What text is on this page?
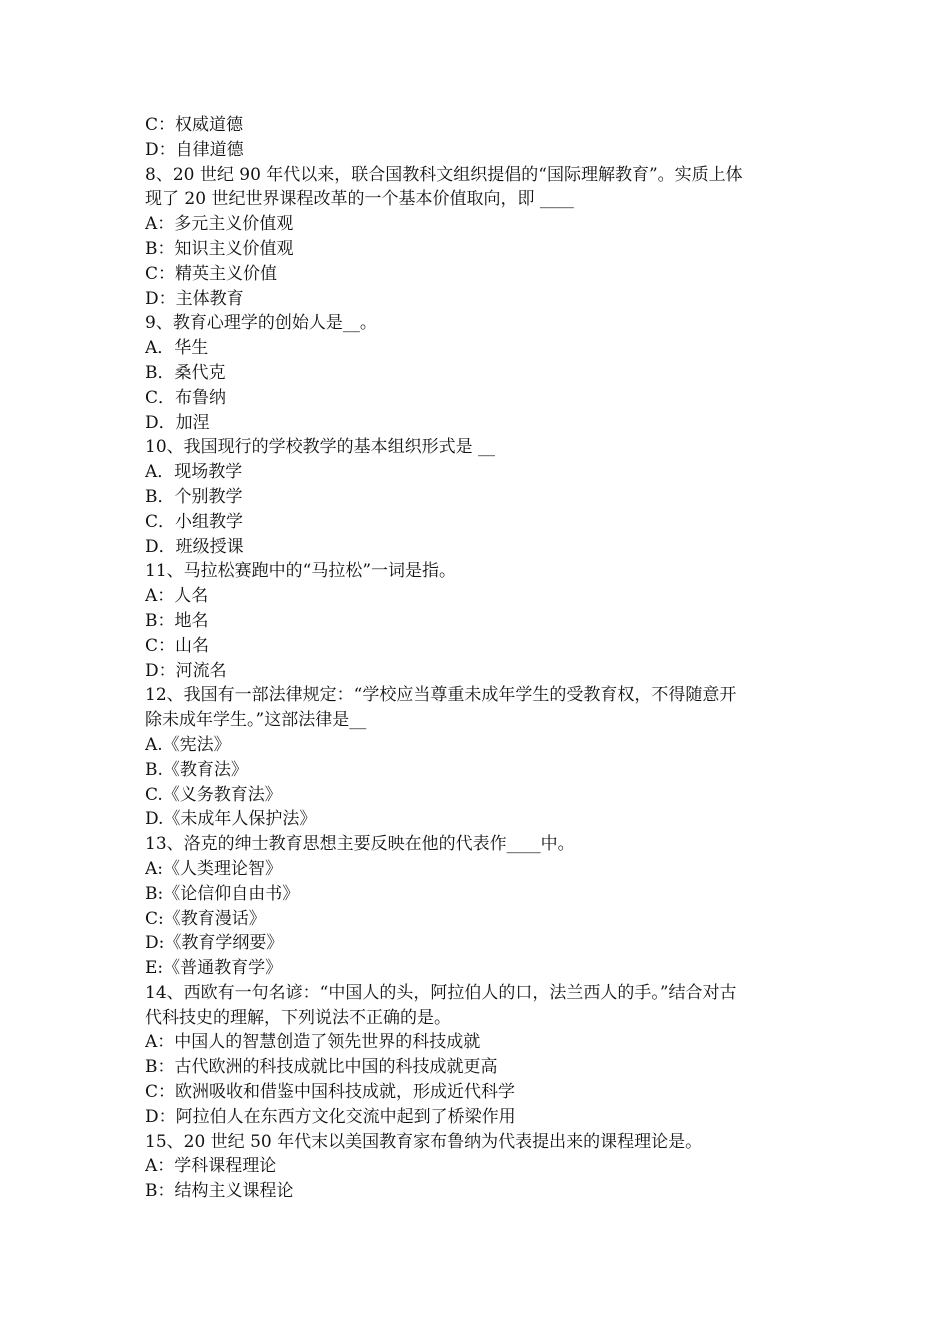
C：权威道德
D：自律道德
8、20 世纪 90 年代以来，联合国教科文组织提倡的“国际理解教育”。实质上体
现了 20 世纪世界课程改革的一个基本价值取向，即 ____
A：多元主义价值观
B：知识主义价值观
C：精英主义价值
D：主体教育
9、教育心理学的创始人是__。
A．华生
B．桑代克
C．布鲁纳
D．加涅
10、我国现行的学校教学的基本组织形式是 __
A．现场教学
B．个别教学
C．小组教学
D．班级授课
11、马拉松赛跑中的“马拉松”一词是指。
A：人名
B：地名
C：山名
D：河流名
12、我国有一部法律规定：“学校应当尊重未成年学生的受教育权，不得随意开
除未成年学生。”这部法律是__
A.《宪法》
B.《教育法》
C.《义务教育法》
D.《未成年人保护法》
13、洛克的绅士教育思想主要反映在他的代表作____中。
A:《人类理论智》
B:《论信仰自由书》
C:《教育漫话》
D:《教育学纲要》
E:《普通教育学》
14、西欧有一句名谚：“中国人的头，阿拉伯人的口，法兰西人的手。”结合对古
代科技史的理解，下列说法不正确的是。
A：中国人的智慧创造了领先世界的科技成就
B：古代欧洲的科技成就比中国的科技成就更高
C：欧洲吸收和借鉴中国科技成就，形成近代科学
D：阿拉伯人在东西方文化交流中起到了桥梁作用
15、20 世纪 50 年代末以美国教育家布鲁纳为代表提出来的课程理论是。
A：学科课程理论
B：结构主义课程论
